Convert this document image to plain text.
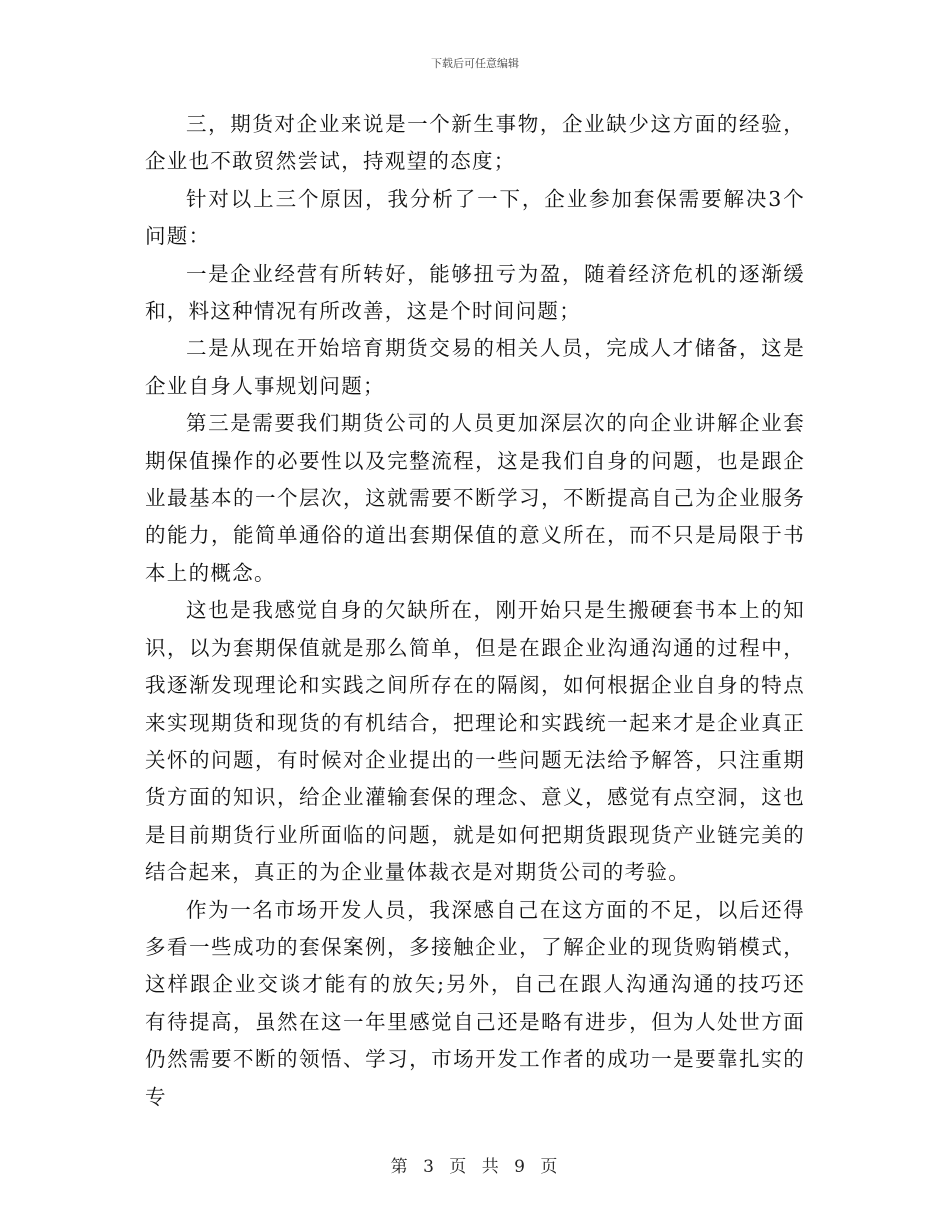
下载后可任意编辑

三，期货对企业来说是一个新生事物，企业缺少这方面的经验，企业也不敢贸然尝试，持观望的态度；

针对以上三个原因，我分析了一下，企业参加套保需要解决3个问题：

一是企业经营有所转好，能够扭亏为盈，随着经济危机的逐渐缓和，料这种情况有所改善，这是个时间问题；

二是从现在开始培育期货交易的相关人员，完成人才储备，这是企业自身人事规划问题；

第三是需要我们期货公司的人员更加深层次的向企业讲解企业套期保值操作的必要性以及完整流程，这是我们自身的问题，也是跟企业最基本的一个层次，这就需要不断学习，不断提高自己为企业服务的能力，能简单通俗的道出套期保值的意义所在，而不只是局限于书本上的概念。

这也是我感觉自身的欠缺所在，刚开始只是生搬硬套书本上的知识，以为套期保值就是那么简单，但是在跟企业沟通沟通的过程中，我逐渐发现理论和实践之间所存在的隔阂，如何根据企业自身的特点来实现期货和现货的有机结合，把理论和实践统一起来才是企业真正关怀的问题，有时候对企业提出的一些问题无法给予解答，只注重期货方面的知识，给企业灌输套保的理念、意义，感觉有点空洞，这也是目前期货行业所面临的问题，就是如何把期货跟现货产业链完美的结合起来，真正的为企业量体裁衣是对期货公司的考验。

作为一名市场开发人员，我深感自己在这方面的不足，以后还得多看一些成功的套保案例，多接触企业，了解企业的现货购销模式，这样跟企业交谈才能有的放矢;另外，自己在跟人沟通沟通的技巧还有待提高，虽然在这一年里感觉自己还是略有进步，但为人处世方面仍然需要不断的领悟、学习，市场开发工作者的成功一是要靠扎实的专

第 3 页 共 9 页
